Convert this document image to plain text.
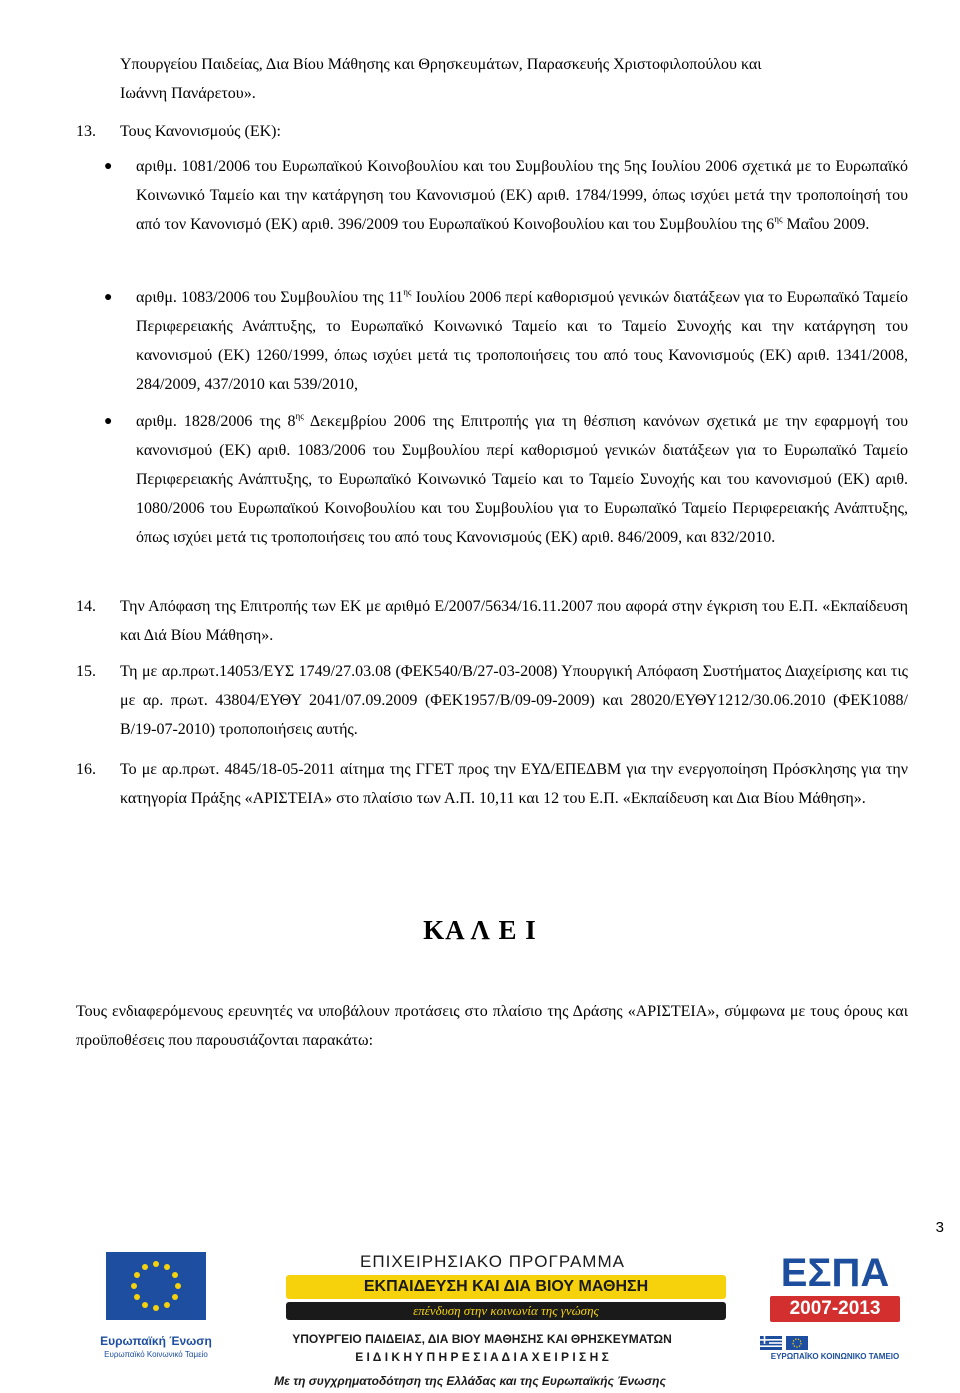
Υπουργείου Παιδείας, Δια Βίου Μάθησης και Θρησκευμάτων, Παρασκευής Χριστοφιλοπούλου και
Ιωάννη Πανάρετου».
13. Τους Κανονισμούς (ΕΚ):
● αριθμ. 1081/2006 του Ευρωπαϊκού Κοινοβουλίου και του Συμβουλίου της 5ης Ιουλίου 2006 σχετικά με το Ευρωπαϊκό Κοινωνικό Ταμείο και την κατάργηση του Κανονισμού (ΕΚ) αριθ. 1784/1999, όπως ισχύει μετά την τροποποίησή του από τον Κανονισμό (ΕΚ) αριθ. 396/2009 του Ευρωπαϊκού Κοινοβουλίου και του Συμβουλίου της $6^{\eta\varsigma}$ Μαΐου 2009.
● αριθμ. 1083/2006 του Συμβουλίου της $11^{\eta\varsigma}$ Ιουλίου 2006 περί καθορισμού γενικών διατάξεων για το Ευρωπαϊκό Ταμείο Περιφερειακής Ανάπτυξης, το Ευρωπαϊκό Κοινωνικό Ταμείο και το Ταμείο Συνοχής και την κατάργηση του κανονισμού (ΕΚ) 1260/1999, όπως ισχύει μετά τις τροποποιήσεις του από τους Κανονισμούς (ΕΚ) αριθ. 1341/2008, 284/2009, 437/2010 και 539/2010,
● αριθμ. 1828/2006 της $8^{\eta\varsigma}$ Δεκεμβρίου 2006 της Επιτροπής για τη θέσπιση κανόνων σχετικά με την εφαρμογή του κανονισμού (ΕΚ) αριθ. 1083/2006 του Συμβουλίου περί καθορισμού γενικών διατάξεων για το Ευρωπαϊκό Ταμείο Περιφερειακής Ανάπτυξης, το Ευρωπαϊκό Κοινωνικό Ταμείο και το Ταμείο Συνοχής και του κανονισμού (ΕΚ) αριθ. 1080/2006 του Ευρωπαϊκού Κοινοβουλίου και του Συμβουλίου για το Ευρωπαϊκό Ταμείο Περιφερειακής Ανάπτυξης, όπως ισχύει μετά τις τροποποιήσεις του από τους Κανονισμούς (ΕΚ) αριθ. 846/2009, και 832/2010.
14. Την Απόφαση της Επιτροπής των ΕΚ με αριθμό Ε/2007/5634/16.11.2007 που αφορά στην έγκριση του Ε.Π. «Εκπαίδευση και Διά Βίου Μάθηση».
15. Τη με αρ.πρωτ.14053/ΕΥΣ 1749/27.03.08 (ΦΕΚ540/Β/27-03-2008) Υπουργική Απόφαση Συστήματος Διαχείρισης και τις με αρ. πρωτ. 43804/ΕΥΘΥ 2041/07.09.2009 (ΦΕΚ1957/Β/09-09-2009) και 28020/ΕΥΘΥ1212/30.06.2010 (ΦΕΚ1088/Β/19-07-2010) τροποποιήσεις αυτής.
16. Το με αρ.πρωτ. 4845/18-05-2011 αίτημα της ΓΓΕΤ προς την ΕΥΔ/ΕΠΕΔΒΜ για την ενεργοποίηση Πρόσκλησης για την κατηγορία Πράξης «ΑΡΙΣΤΕΙΑ» στο πλαίσιο των Α.Π. 10,11 και 12 του Ε.Π. «Εκπαίδευση και Δια Βίου Μάθηση».
ΚΑ Λ Ε Ι
Τους ενδιαφερόμενους ερευνητές να υποβάλουν προτάσεις στο πλαίσιο της Δράσης «ΑΡΙΣΤΕΙΑ», σύμφωνα με τους όρους και προϋποθέσεις που παρουσιάζονται παρακάτω:
3
Ευρωπαϊκή Ένωση
Ευρωπαϊκό Κοινωνικό Ταμείο
ΕΠΙΧΕΙΡΗΣΙΑΚΟ ΠΡΟΓΡΑΜΜΑ
ΕΚΠΑΙΔΕΥΣΗ ΚΑΙ ΔΙΑ ΒΙΟΥ ΜΑΘΗΣΗ
επένδυση στην κοινωνία της γνώσης
ΥΠΟΥΡΓΕΙΟ ΠΑΙΔΕΙΑΣ, ΔΙΑ ΒΙΟΥ ΜΑΘΗΣΗΣ ΚΑΙ ΘΡΗΣΚΕΥΜΑΤΩΝ
Ε Ι Δ Ι Κ Η Υ Π Η Ρ Ε Σ Ι Α Δ Ι Α Χ Ε Ι Ρ Ι Σ Η Σ
ΕΣΠΑ
2007-2013
ΕΥΡΩΠΑΪΚΟ ΚΟΙΝΩΝΙΚΟ ΤΑΜΕΙΟ
Με τη συγχρηματοδότηση της Ελλάδας και της Ευρωπαϊκής Ένωσης
